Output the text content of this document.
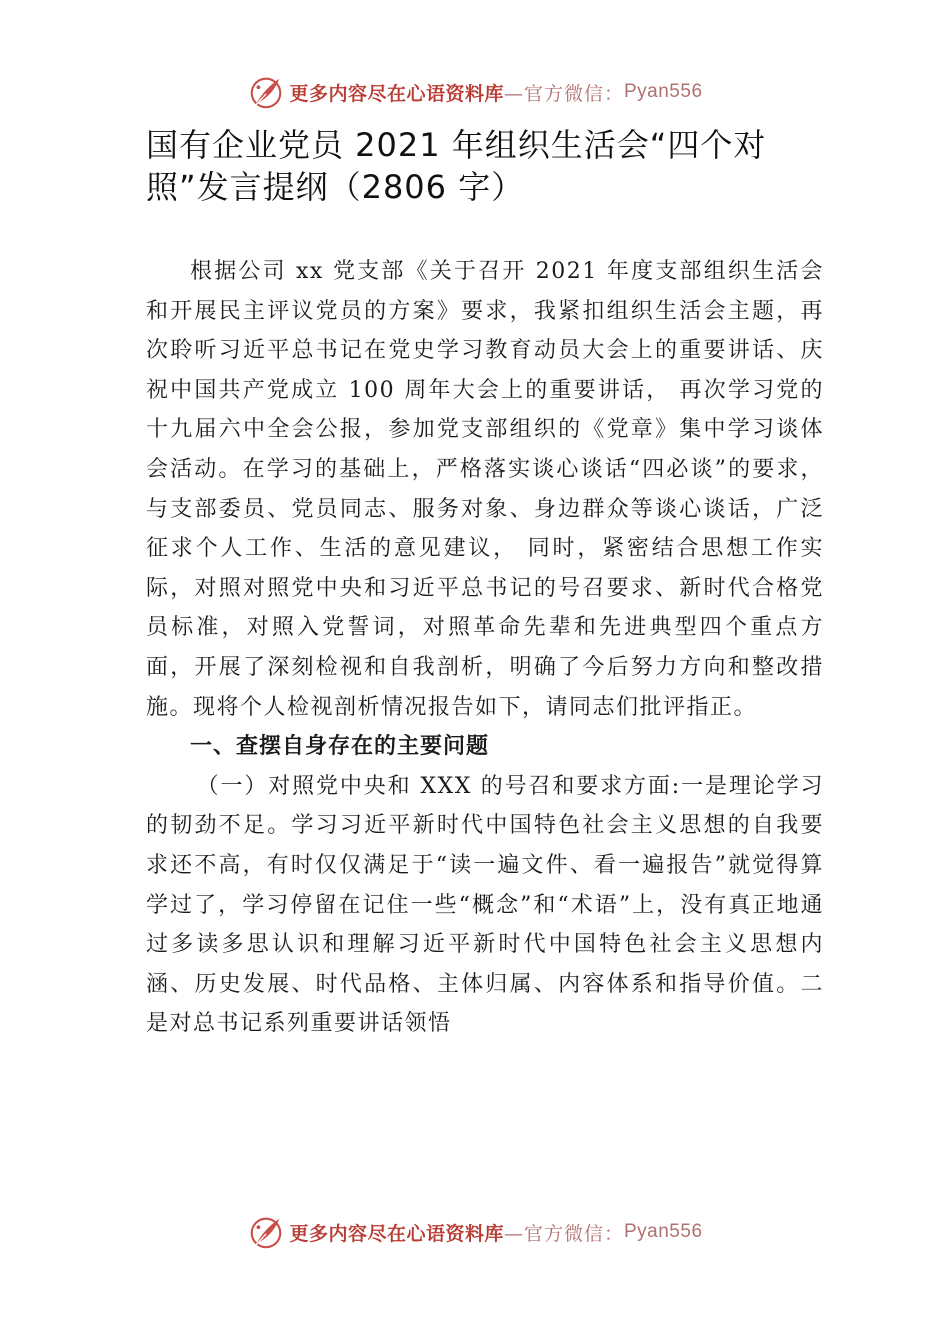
更多内容尽在心语资料库 —官方微信： Pyan556
国有企业党员 2021 年组织生活会“四个对照”发言提纲（2806 字）

根据公司 xx 党支部《关于召开 2021 年度支部组织生活会和开展民主评议党员的方案》要求，我紧扣组织生活会主题，再次聆听习近平总书记在党史学习教育动员大会上的重要讲话、庆祝中国共产党成立 100 周年大会上的重要讲话， 再次学习党的十九届六中全会公报，参加党支部组织的《党章》集中学习谈体会活动。在学习的基础上，严格落实谈心谈话“四必谈”的要求，与支部委员、党员同志、服务对象、身边群众等谈心谈话，广泛征求个人工作、生活的意见建议， 同时，紧密结合思想工作实际，对照对照党中央和习近平总书记的号召要求、新时代合格党员标准，对照入党誓词，对照革命先辈和先进典型四个重点方面，开展了深刻检视和自我剖析，明确了今后努力方向和整改措施。现将个人检视剖析情况报告如下，请同志们批评指正。

一、查摆自身存在的主要问题

（一）对照党中央和 XXX 的号召和要求方面:一是理论学习的韧劲不足。学习习近平新时代中国特色社会主义思想的自我要求还不高，有时仅仅满足于“读一遍文件、看一遍报告”就觉得算学过了，学习停留在记住一些“概念”和“术语”上，没有真正地通过多读多思认识和理解习近平新时代中国特色社会主义思想内涵、历史发展、时代品格、主体归属、内容体系和指导价值。二是对总书记系列重要讲话领悟

更多内容尽在心语资料库 —官方微信： Pyan556
